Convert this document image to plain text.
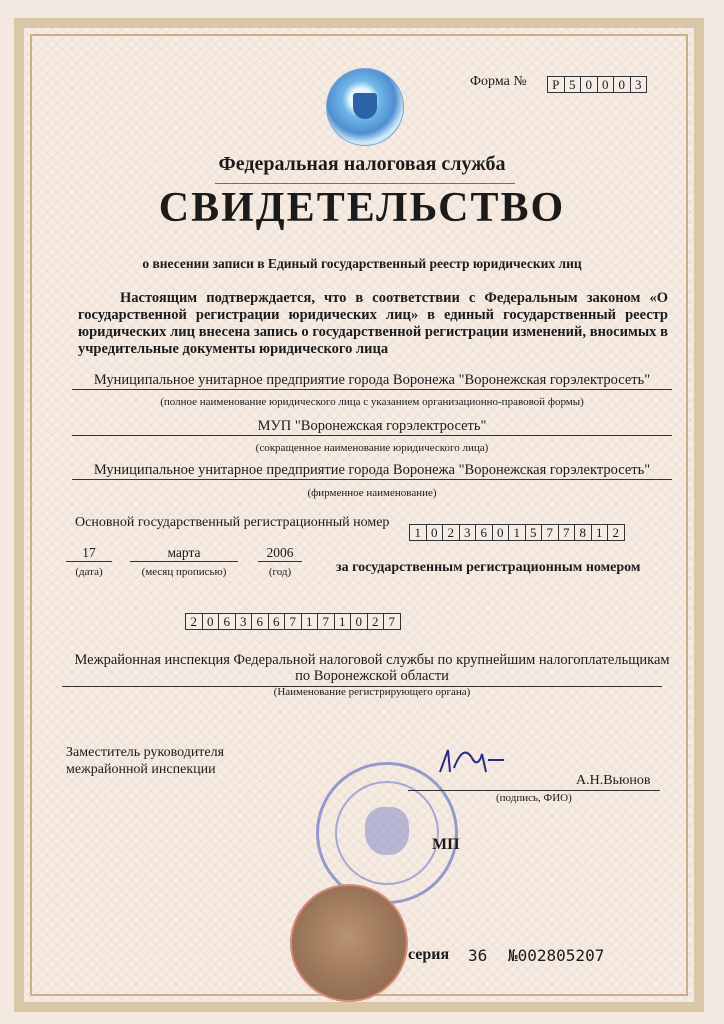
Форма №	Р 5 0 0 0 3
Федеральная налоговая служба
СВИДЕТЕЛЬСТВО
о внесении записи в Единый государственный реестр юридических лиц
Настоящим подтверждается, что в соответствии с Федеральным законом «О государственной регистрации юридических лиц» в единый государственный реестр юридических лиц внесена запись о государственной регистрации изменений, вносимых в учредительные документы юридического лица
Муниципальное унитарное предприятие города Воронежа "Воронежская горэлектросеть"
(полное наименование юридического лица с указанием организационно-правовой формы)
МУП "Воронежская горэлектросеть"
(сокращенное наименование юридического лица)
Муниципальное унитарное предприятие города Воронежа "Воронежская горэлектросеть"
(фирменное наименование)
Основной государственный регистрационный номер
1 0 2 3 6 0 1 5 7 7 8 1 2
17
(дата)
марта
(месяц прописью)
2006
(год)	за государственным регистрационным номером
2 0 6 3 6 6 7 1 7 1 0 2 7
Межрайонная инспекция Федеральной налоговой службы по крупнейшим налогоплательщикам по Воронежской области
(Наименование регистрирующего органа)
Заместитель руководителя межрайонной инспекции
А.Н.Вьюнов
(подпись, ФИО)
МП
серия 36 №002805207
